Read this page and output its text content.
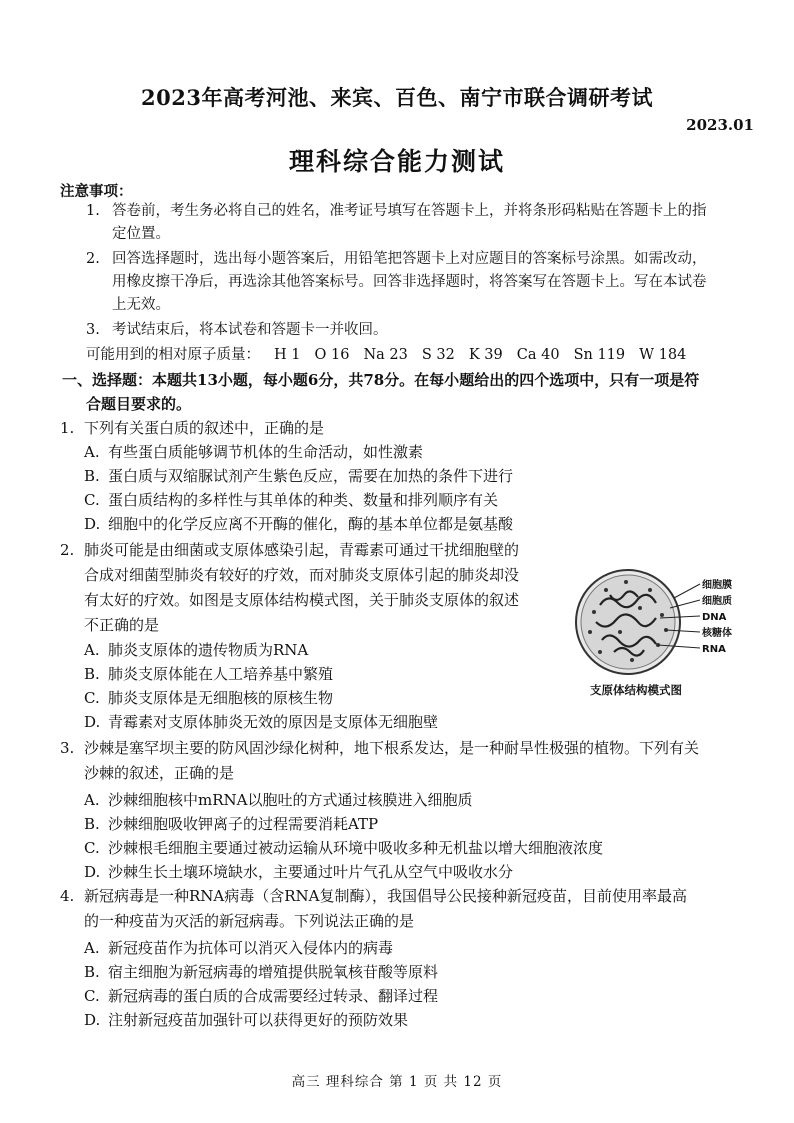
2023年高考河池、来宾、百色、南宁市联合调研考试
2023.01
理科综合能力测试
注意事项：
1. 答卷前，考生务必将自己的姓名，准考证号填写在答题卡上，并将条形码粘贴在答题卡上的指
定位置。
2. 回答选择题时，选出每小题答案后，用铅笔把答题卡上对应题目的答案标号涂黑。如需改动，
用橡皮擦干净后，再选涂其他答案标号。回答非选择题时，将答案写在答题卡上。写在本试卷
上无效。
3. 考试结束后，将本试卷和答题卡一并收回。
可能用到的相对原子质量： H 1 O 16 Na 23 S 32 K 39 Ca 40 Sn 119 W 184
一、选择题：本题共13小题，每小题6分，共78分。在每小题给出的四个选项中，只有一项是符
合题目要求的。
1. 下列有关蛋白质的叙述中，正确的是
A. 有些蛋白质能够调节机体的生命活动，如性激素
B. 蛋白质与双缩脲试剂产生紫色反应，需要在加热的条件下进行
C. 蛋白质结构的多样性与其单体的种类、数量和排列顺序有关
D. 细胞中的化学反应离不开酶的催化，酶的基本单位都是氨基酸
2. 肺炎可能是由细菌或支原体感染引起，青霉素可通过干扰细胞壁的
合成对细菌型肺炎有较好的疗效，而对肺炎支原体引起的肺炎却没
有太好的疗效。如图是支原体结构模式图，关于肺炎支原体的叙述
不正确的是
A. 肺炎支原体的遗传物质为RNA
B. 肺炎支原体能在人工培养基中繁殖
C. 肺炎支原体是无细胞核的原核生物
D. 青霉素对支原体肺炎无效的原因是支原体无细胞壁
细胞膜
细胞质
DNA
核糖体
RNA
支原体结构模式图
3. 沙棘是塞罕坝主要的防风固沙绿化树种，地下根系发达，是一种耐旱性极强的植物。下列有关
沙棘的叙述，正确的是
A. 沙棘细胞核中mRNA以胞吐的方式通过核膜进入细胞质
B. 沙棘细胞吸收钾离子的过程需要消耗ATP
C. 沙棘根毛细胞主要通过被动运输从环境中吸收多种无机盐以增大细胞液浓度
D. 沙棘生长土壤环境缺水，主要通过叶片气孔从空气中吸收水分
4. 新冠病毒是一种RNA病毒（含RNA复制酶），我国倡导公民接种新冠疫苗，目前使用率最高
的一种疫苗为灭活的新冠病毒。下列说法正确的是
A. 新冠疫苗作为抗体可以消灭入侵体内的病毒
B. 宿主细胞为新冠病毒的增殖提供脱氧核苷酸等原料
C. 新冠病毒的蛋白质的合成需要经过转录、翻译过程
D. 注射新冠疫苗加强针可以获得更好的预防效果
高三 理科综合 第 1 页 共 12 页
